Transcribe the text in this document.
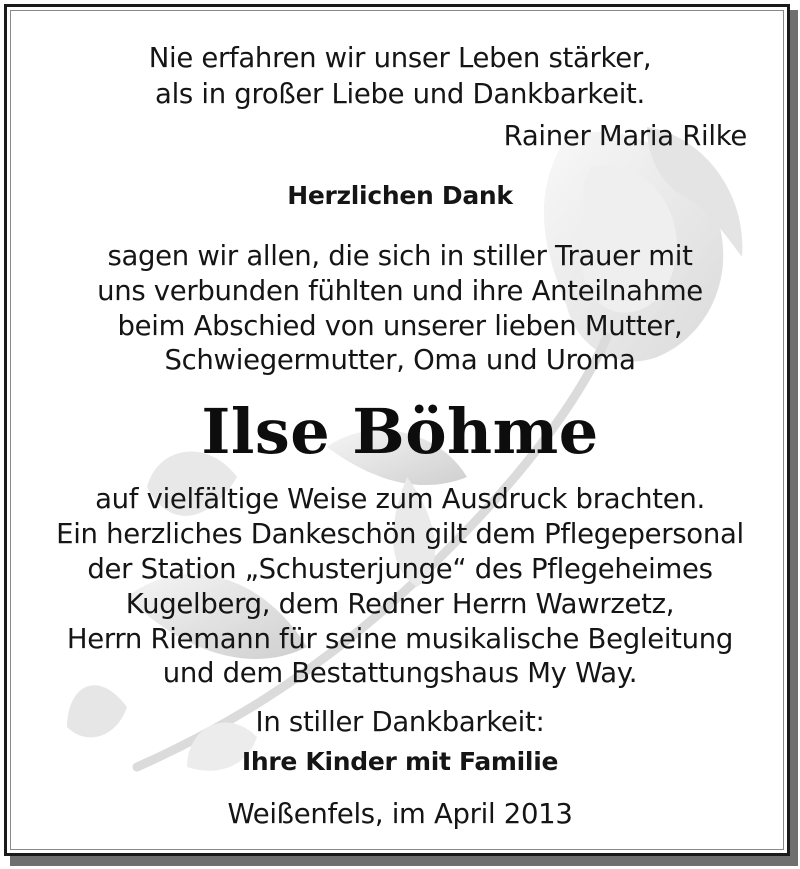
Nie erfahren wir unser Leben stärker,
als in großer Liebe und Dankbarkeit.
Rainer Maria Rilke
Herzlichen Dank
sagen wir allen, die sich in stiller Trauer mit
uns verbunden fühlten und ihre Anteilnahme
beim Abschied von unserer lieben Mutter,
Schwiegermutter, Oma und Uroma
Ilse Böhme
auf vielfältige Weise zum Ausdruck brachten.
Ein herzliches Dankeschön gilt dem Pflegepersonal
der Station „Schusterjunge“ des Pflegeheimes
Kugelberg, dem Redner Herrn Wawrzetz,
Herrn Riemann für seine musikalische Begleitung
und dem Bestattungshaus My Way.
In stiller Dankbarkeit:
Ihre Kinder mit Familie
Weißenfels, im April 2013
